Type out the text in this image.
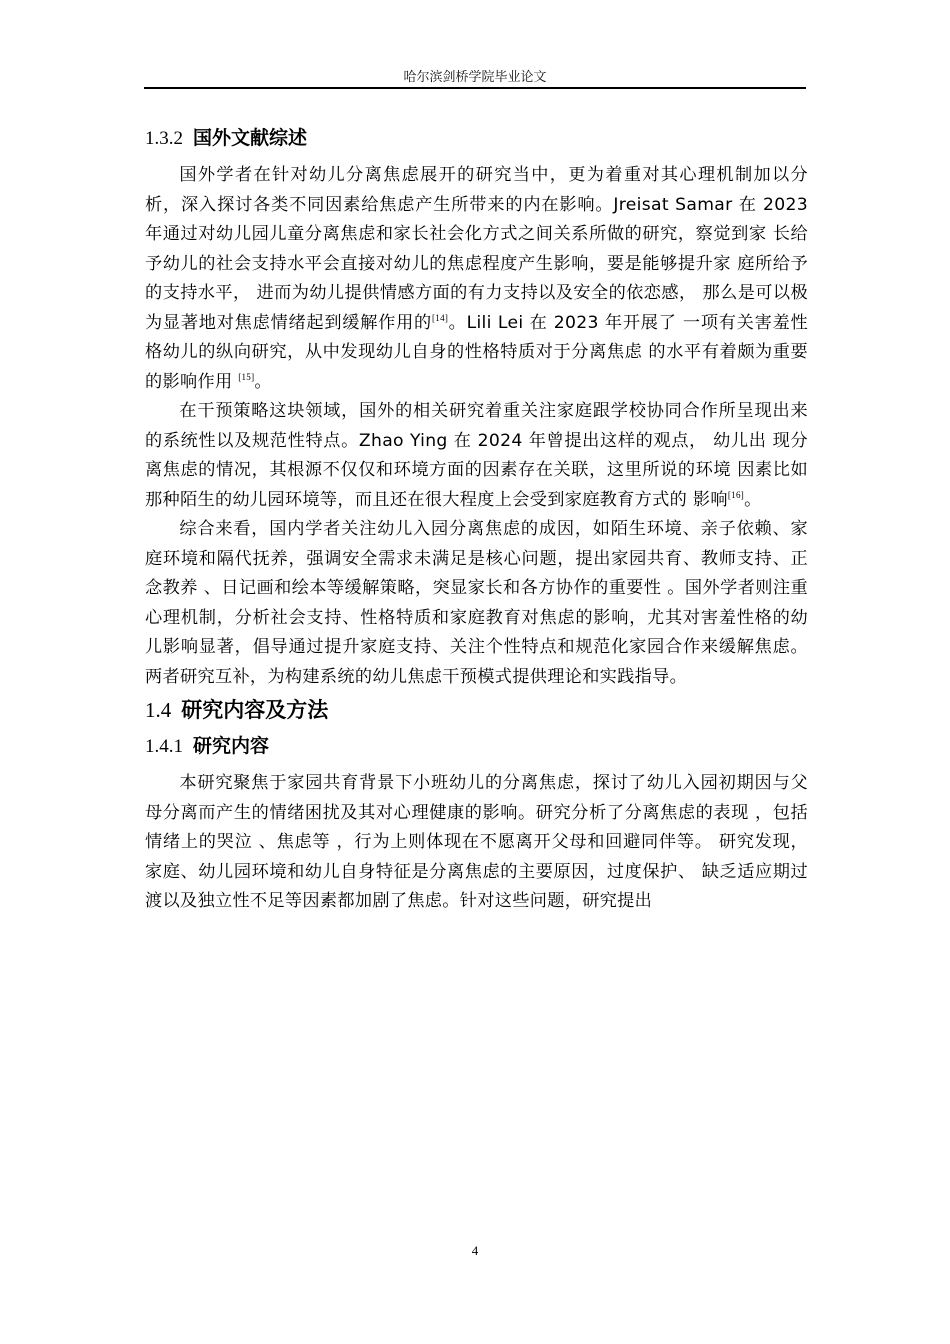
哈尔滨剑桥学院毕业论文
1.3.2 国外文献综述

国外学者在针对幼儿分离焦虑展开的研究当中，更为着重对其心理机制加以分析，深入探讨各类不同因素给焦虑产生所带来的内在影响。Jreisat Samar 在 2023 年通过对幼儿园儿童分离焦虑和家长社会化方式之间关系所做的研究，察觉到家 长给予幼儿的社会支持水平会直接对幼儿的焦虑程度产生影响，要是能够提升家 庭所给予的支持水平， 进而为幼儿提供情感方面的有力支持以及安全的依恋感， 那么是可以极为显著地对焦虑情绪起到缓解作用的[14]。Lili Lei 在 2023 年开展了 一项有关害羞性格幼儿的纵向研究，从中发现幼儿自身的性格特质对于分离焦虑 的水平有着颇为重要的影响作用 [15]。

在干预策略这块领域，国外的相关研究着重关注家庭跟学校协同合作所呈现出来的系统性以及规范性特点。Zhao Ying 在 2024 年曾提出这样的观点， 幼儿出 现分离焦虑的情况，其根源不仅仅和环境方面的因素存在关联，这里所说的环境 因素比如那种陌生的幼儿园环境等，而且还在很大程度上会受到家庭教育方式的 影响[16]。

综合来看，国内学者关注幼儿入园分离焦虑的成因，如陌生环境、亲子依赖、家庭环境和隔代抚养，强调安全需求未满足是核心问题，提出家园共育、教师支持、正念教养 、日记画和绘本等缓解策略，突显家长和各方协作的重要性 。国外学者则注重心理机制，分析社会支持、性格特质和家庭教育对焦虑的影响，尤其对害羞性格的幼儿影响显著，倡导通过提升家庭支持、关注个性特点和规范化家园合作来缓解焦虑。两者研究互补，为构建系统的幼儿焦虑干预模式提供理论和实践指导。

1.4 研究内容及方法
1.4.1 研究内容

本研究聚焦于家园共育背景下小班幼儿的分离焦虑，探讨了幼儿入园初期因与父母分离而产生的情绪困扰及其对心理健康的影响。研究分析了分离焦虑的表现 ，包括情绪上的哭泣 、焦虑等 ，行为上则体现在不愿离开父母和回避同伴等。 研究发现，家庭、幼儿园环境和幼儿自身特征是分离焦虑的主要原因，过度保护、 缺乏适应期过渡以及独立性不足等因素都加剧了焦虑。针对这些问题，研究提出

4
